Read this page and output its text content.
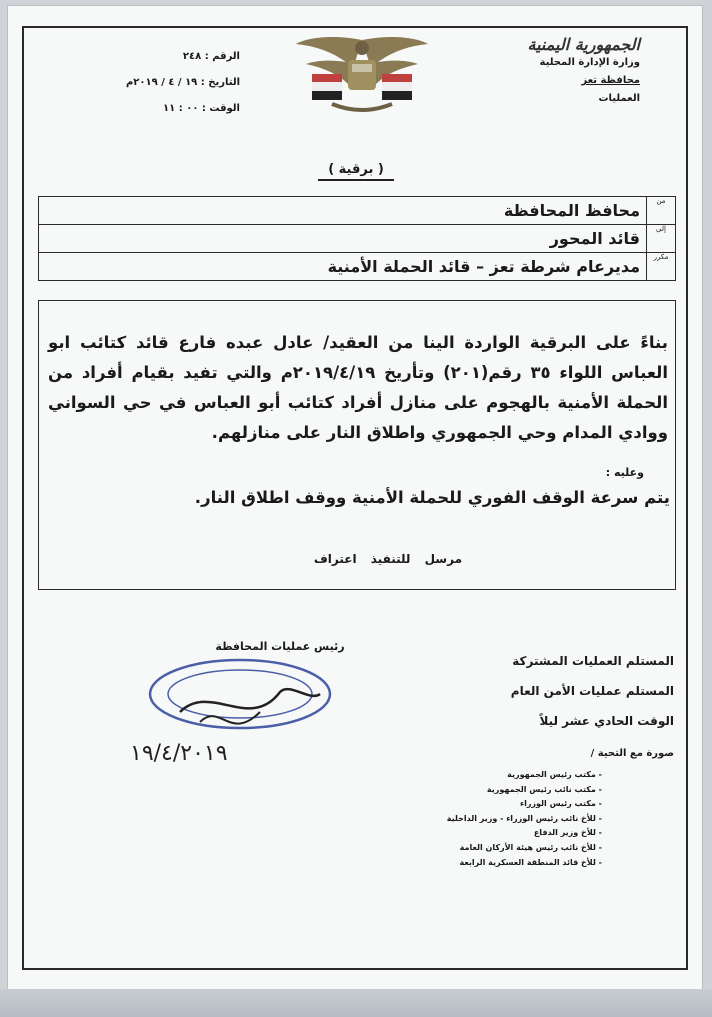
الجمهورية اليمنية
وزارة الإدارة المحلية
محافظة تعز
العمليات
الرقم : ٢٤٨
التاريخ : ١٩ / ٤ / ٢٠١٩م
الوقت : ٠٠ : ١١
( برقية )
من	محافظ المحافظة
إلى	قائد المحور
مكرر	مديرعام شرطة تعز – قائد الحملة الأمنية

بناءً على البرقية الواردة الينا من العقيد/ عادل عبده فارع قائد كتائب ابو العباس اللواء ٣٥ رقم(٢٠١) وتأريخ ٢٠١٩/٤/١٩م والتي تفيد بقيام أفراد من الحملة الأمنية بالهجوم على منازل أفراد كتائب أبو العباس في حي السواني ووادي المدام وحي الجمهوري واطلاق النار على منازلهم.

وعليه :
يتم سرعة الوقف الفوري للحملة الأمنية ووقف اطلاق النار.
مرسل للتنفيذ اعتراف
رئيس عمليات المحافظة
١٩/٤/٢٠١٩
المستلم العمليات المشتركة
المستلم عمليات الأمن العام
الوقت الحادي عشر ليلاً
صورة مع التحية /
- مكتب رئيس الجمهورية
- مكتب نائب رئيس الجمهورية
- مكتب رئيس الوزراء
- للأخ نائب رئيس الوزراء - وزير الداخلية
- للأخ وزير الدفاع
- للأخ نائب رئيس هيئة الأركان العامة
- للأخ قائد المنطقة العسكرية الرابعة
